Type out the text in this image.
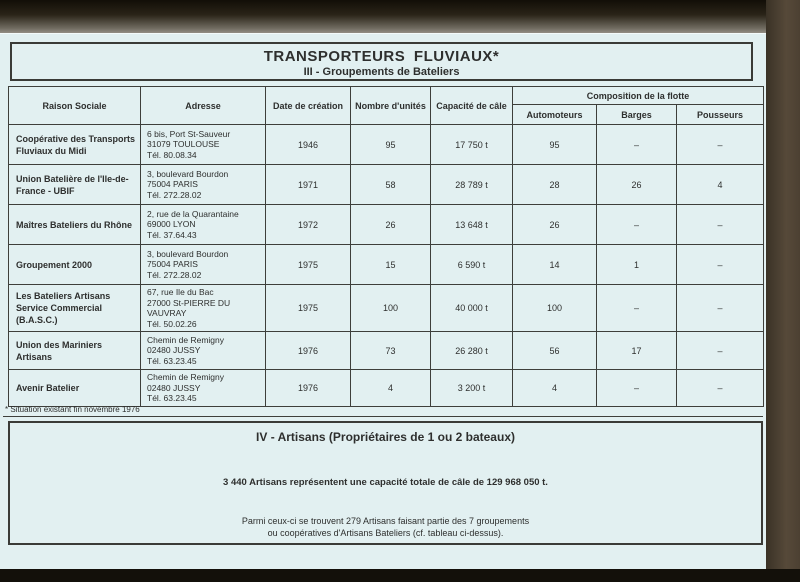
TRANSPORTEURS FLUVIAUX*
III - Groupements de Bateliers
Raison Sociale	Adresse	Date de création	Nombre d'unités	Capacité de câle	Composition de la flotte		
					Automoteurs	Barges	Pousseurs
Coopérative des Transports Fluviaux du Midi	6 bis, Port St-Sauveur
31079 TOULOUSE
Tél. 80.08.34	1946	95	17 750 t	95	–	–
Union Batelière de l'Ile-de-France - UBIF	3, boulevard Bourdon
75004 PARIS
Tél. 272.28.02	1971	58	28 789 t	28	26	4
Maîtres Bateliers du Rhône	2, rue de la Quarantaine
69000 LYON
Tél. 37.64.43	1972	26	13 648 t	26	–	–
Groupement 2000	3, boulevard Bourdon
75004 PARIS
Tél. 272.28.02	1975	15	6 590 t	14	1	–
Les Bateliers Artisans Service Commercial (B.A.S.C.)	67, rue Ile du Bac
27000 St-PIERRE DU VAUVRAY
Tél. 50.02.26	1975	100	40 000 t	100	–	–
Union des Mariniers Artisans	Chemin de Remigny
02480 JUSSY
Tél. 63.23.45	1976	73	26 280 t	56	17	–
Avenir Batelier	Chemin de Remigny
02480 JUSSY
Tél. 63.23.45	1976	4	3 200 t	4	–	–
* Situation existant fin novembre 1976
IV - Artisans (Propriétaires de 1 ou 2 bateaux)
3 440 Artisans représentent une capacité totale de câle de 129 968 050 t.
Parmi ceux-ci se trouvent 279 Artisans faisant partie des 7 groupements
ou coopératives d'Artisans Bateliers (cf. tableau ci-dessus).
